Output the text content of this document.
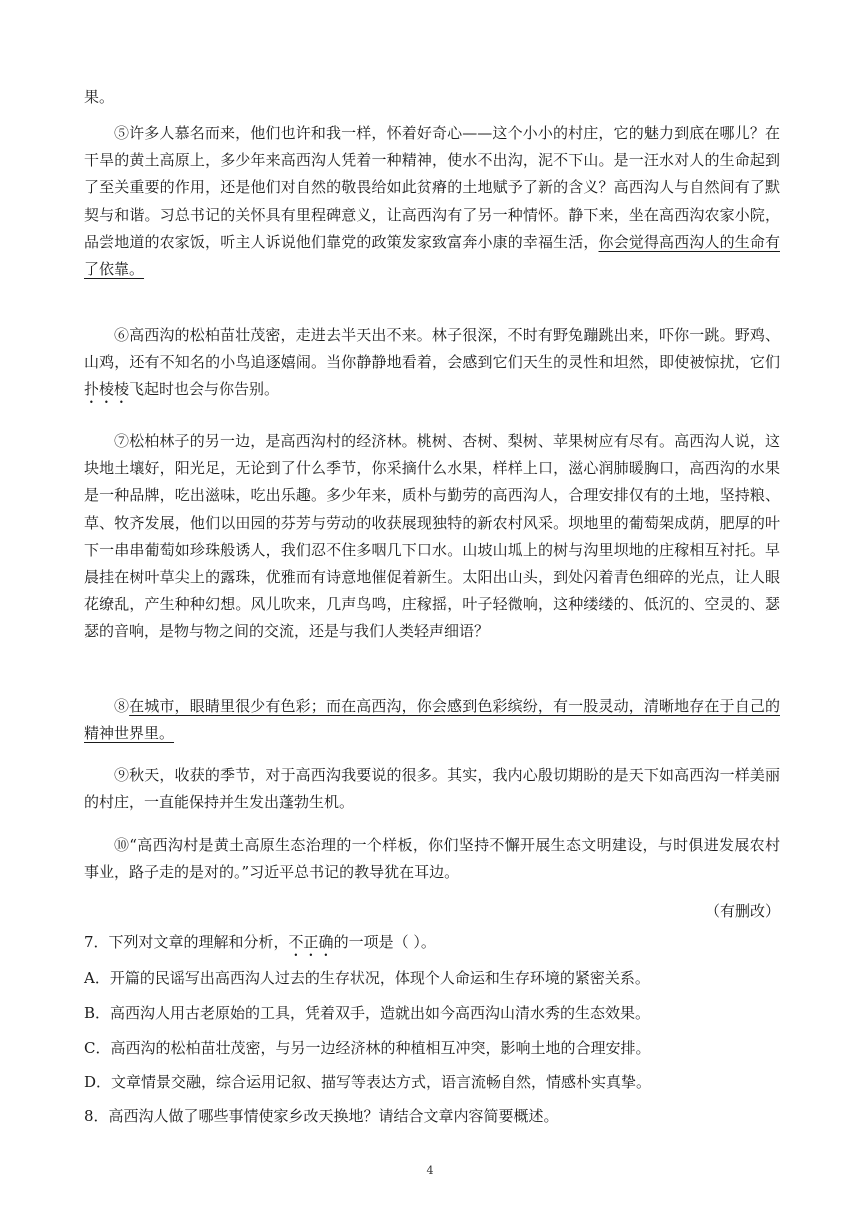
果。

⑤许多人慕名而来，他们也许和我一样，怀着好奇心——这个小小的村庄，它的魅力到底在哪儿？在干旱的黄土高原上，多少年来高西沟人凭着一种精神，使水不出沟，泥不下山。是一汪水对人的生命起到了至关重要的作用，还是他们对自然的敬畏给如此贫瘠的土地赋予了新的含义？高西沟人与自然间有了默契与和谐。习总书记的关怀具有里程碑意义，让高西沟有了另一种情怀。静下来，坐在高西沟农家小院，品尝地道的农家饭，听主人诉说他们靠党的政策发家致富奔小康的幸福生活，你会觉得高西沟人的生命有了依靠。

⑥高西沟的松柏苗壮茂密，走进去半天出不来。林子很深，不时有野兔蹦跳出来，吓你一跳。野鸡、山鸡，还有不知名的小鸟追逐嬉闹。当你静静地看着，会感到它们天生的灵性和坦然，即使被惊扰，它们扑棱棱飞起时也会与你告别。

⑦松柏林子的另一边，是高西沟村的经济林。桃树、杏树、梨树、苹果树应有尽有。高西沟人说，这块地土壤好，阳光足，无论到了什么季节，你采摘什么水果，样样上口，滋心润肺暖胸口，高西沟的水果是一种品牌，吃出滋味，吃出乐趣。多少年来，质朴与勤劳的高西沟人，合理安排仅有的土地，坚持粮、草、牧齐发展，他们以田园的芬芳与劳动的收获展现独特的新农村风采。坝地里的葡萄架成荫，肥厚的叶下一串串葡萄如珍珠般诱人，我们忍不住多咽几下口水。山坡山坬上的树与沟里坝地的庄稼相互衬托。早晨挂在树叶草尖上的露珠，优雅而有诗意地催促着新生。太阳出山头，到处闪着青色细碎的光点，让人眼花缭乱，产生种种幻想。风儿吹来，几声鸟鸣，庄稼摇，叶子轻微响，这种缕缕的、低沉的、空灵的、瑟瑟的音响，是物与物之间的交流，还是与我们人类轻声细语？

⑧在城市，眼睛里很少有色彩；而在高西沟，你会感到色彩缤纷，有一股灵动，清晰地存在于自己的精神世界里。

⑨秋天，收获的季节，对于高西沟我要说的很多。其实，我内心殷切期盼的是天下如高西沟一样美丽的村庄，一直能保持并生发出蓬勃生机。

⑩“高西沟村是黄土高原生态治理的一个样板，你们坚持不懈开展生态文明建设，与时俱进发展农村事业，路子走的是对的。”习近平总书记的教导犹在耳边。

（有删改）
7．下列对文章的理解和分析，不正确的一项是（ ）。
A．开篇的民谣写出高西沟人过去的生存状况，体现个人命运和生存环境的紧密关系。
B．高西沟人用古老原始的工具，凭着双手，造就出如今高西沟山清水秀的生态效果。
C．高西沟的松柏苗壮茂密，与另一边经济林的种植相互冲突，影响土地的合理安排。
D．文章情景交融，综合运用记叙、描写等表达方式，语言流畅自然，情感朴实真挚。
8．高西沟人做了哪些事情使家乡改天换地？请结合文章内容简要概述。
4
